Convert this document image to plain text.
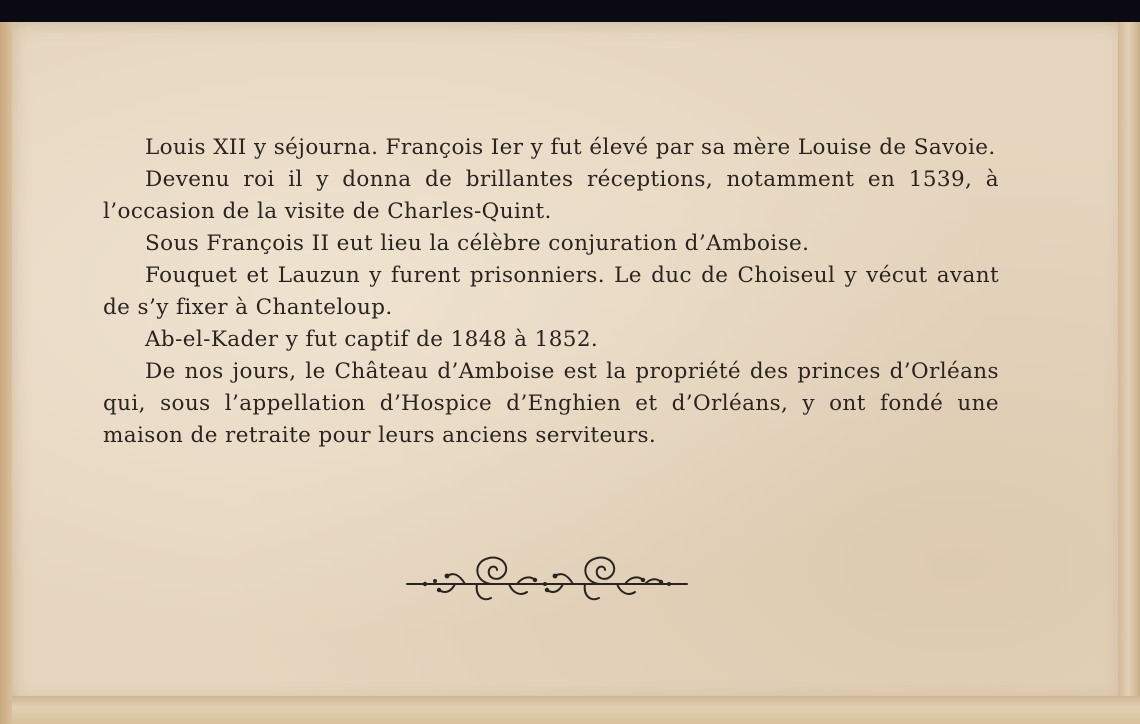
Louis XII y séjourna. François Ier y fut élevé par sa mère Louise de Savoie.

Devenu roi il y donna de brillantes réceptions, notamment en 1539, à l’occasion de la visite de Charles-Quint.

Sous François II eut lieu la célèbre conjuration d’Amboise.

Fouquet et Lauzun y furent prisonniers. Le duc de Choiseul y vécut avant de s’y fixer à Chanteloup.

Ab-el-Kader y fut captif de 1848 à 1852.

De nos jours, le Château d’Amboise est la propriété des princes d’Orléans qui, sous l’appellation d’Hospice d’Enghien et d’Orléans, y ont fondé une maison de retraite pour leurs anciens serviteurs.
